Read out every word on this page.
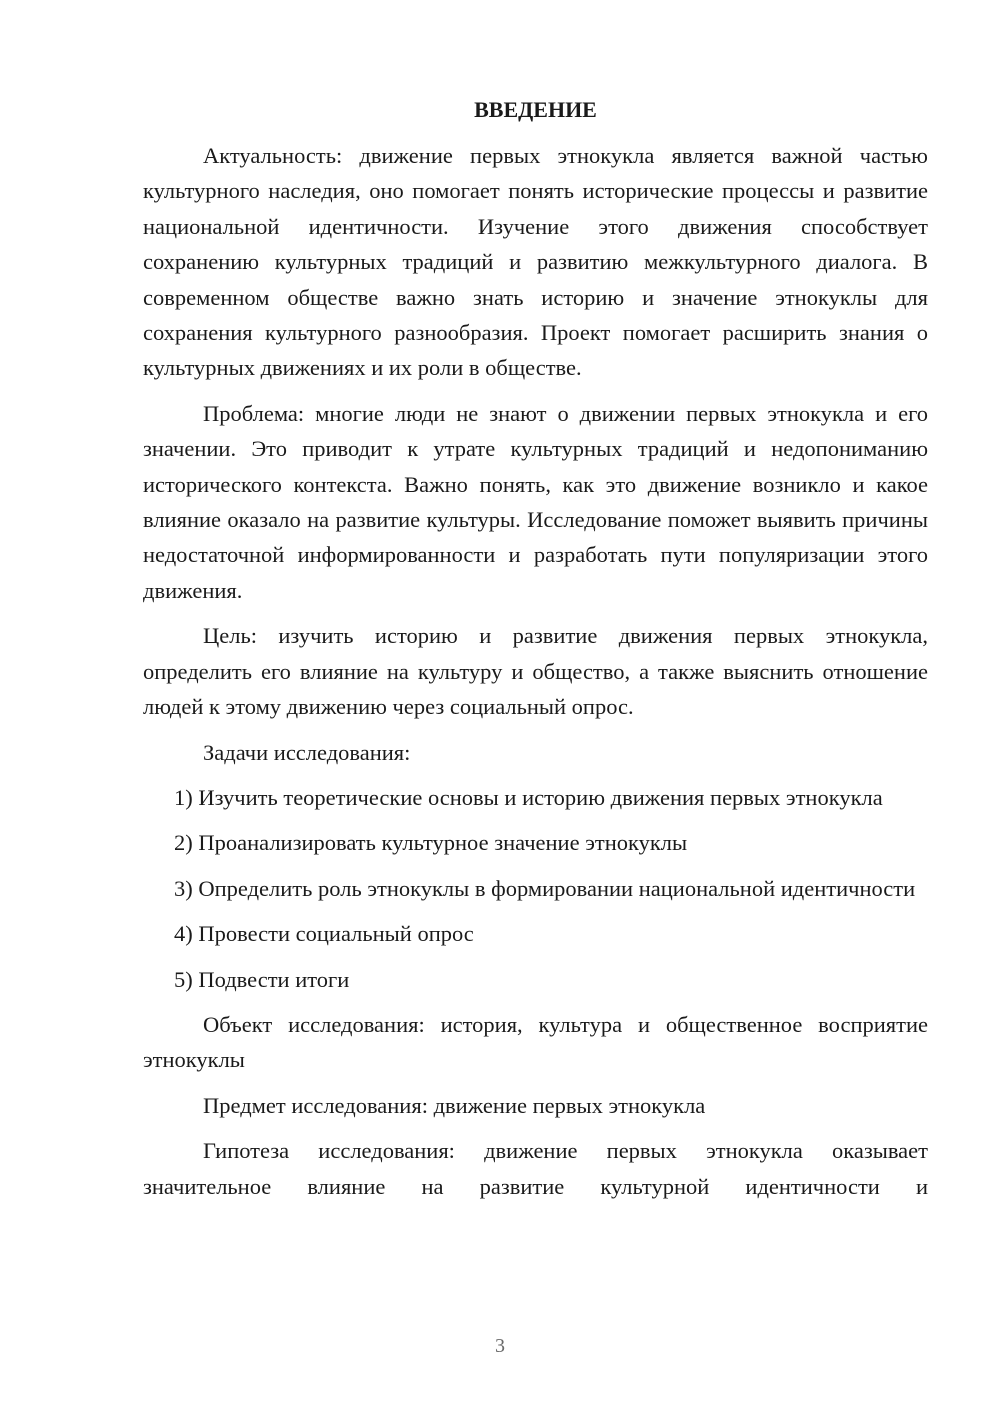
ВВЕДЕНИЕ

Актуальность: движение первых этнокукла является важной частью культурного наследия, оно помогает понять исторические процессы и развитие национальной идентичности. Изучение этого движения способствует сохранению культурных традиций и развитию межкультурного диалога. В современном обществе важно знать историю и значение этнокуклы для сохранения культурного разнообразия. Проект помогает расширить знания о культурных движениях и их роли в обществе.

Проблема: многие люди не знают о движении первых этнокукла и его значении. Это приводит к утрате культурных традиций и недопониманию исторического контекста. Важно понять, как это движение возникло и какое влияние оказало на развитие культуры. Исследование поможет выявить причины недостаточной информированности и разработать пути популяризации этого движения.

Цель: изучить историю и развитие движения первых этнокукла, определить его влияние на культуру и общество, а также выяснить отношение людей к этому движению через социальный опрос.

Задачи исследования:

1) Изучить теоретические основы и историю движения первых этнокукла

2) Проанализировать культурное значение этнокуклы

3) Определить роль этнокуклы в формировании национальной идентичности

4) Провести социальный опрос

5) Подвести итоги

Объект исследования: история, культура и общественное восприятие этнокуклы

Предмет исследования: движение первых этнокукла

Гипотеза исследования: движение первых этнокукла оказывает значительное влияние на развитие культурной идентичности и

3
